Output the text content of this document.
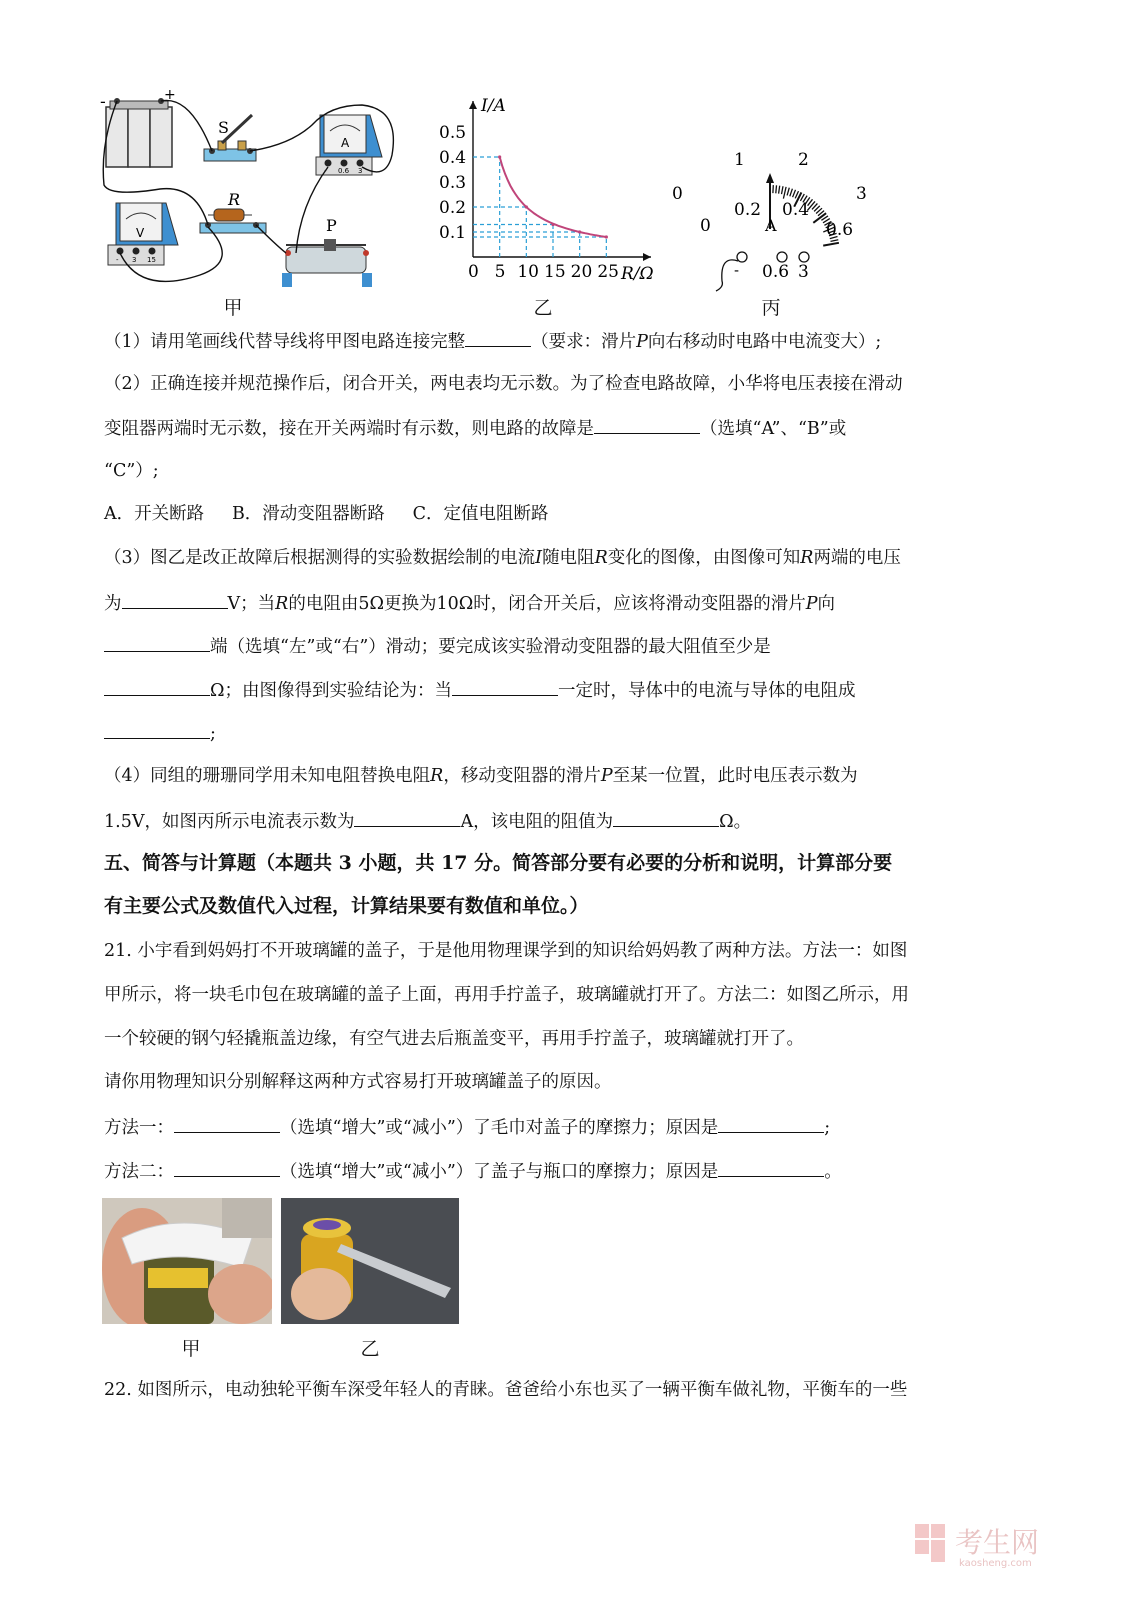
-	+
S
A
- 0.6 3
V
- 3 15
R
P
甲
0 5 10 15 20 25
0.1
0.2
0.3
0.4
0.5
I/A
R/Ω
乙
0
1	2
3
0
0.2 0.4
0.6
A
- 0.6 3
丙
（1）请用笔画线代替导线将甲图电路连接完整	（要求：滑片P向右移动时电路中电流变大）;
（2）正确连接并规范操作后，闭合开关，两电表均无示数。为了检查电路故障，小华将电压表接在滑动
变阻器两端时无示数，接在开关两端时有示数，则电路的故障是	（选填“A”、“B”或
“C”）;
A．开关断路     B．滑动变阻器断路     C．定值电阻断路
（3）图乙是改正故障后根据测得的实验数据绘制的电流I随电阻R变化的图像，由图像可知R两端的电压
为	V；当R的电阻由5Ω更换为10Ω时，闭合开关后，应该将滑动变阻器的滑片P向
端（选填“左”或“右”）滑动；要完成该实验滑动变阻器的最大阻值至少是
Ω；由图像得到实验结论为：当	一定时，导体中的电流与导体的电阻成
;
（4）同组的珊珊同学用未知电阻替换电阻R，移动变阻器的滑片P至某一位置，此时电压表示数为
1.5V，如图丙所示电流表示数为	A，该电阻的阻值为	Ω。
五、简答与计算题（本题共 3 小题，共 17 分。简答部分要有必要的分析和说明，计算部分要
有主要公式及数值代入过程，计算结果要有数值和单位。）
21. 小宇看到妈妈打不开玻璃罐的盖子，于是他用物理课学到的知识给妈妈教了两种方法。方法一：如图
甲所示，将一块毛巾包在玻璃罐的盖子上面，再用手拧盖子，玻璃罐就打开了。方法二：如图乙所示，用
一个较硬的钢勺轻撬瓶盖边缘，有空气进去后瓶盖变平，再用手拧盖子，玻璃罐就打开了。
请你用物理知识分别解释这两种方式容易打开玻璃罐盖子的原因。
方法一：	（选填“增大”或“减小”）了毛巾对盖子的摩擦力；原因是	;
方法二：	（选填“增大”或“减小”）了盖子与瓶口的摩擦力；原因是	。
甲	乙
22. 如图所示，电动独轮平衡车深受年轻人的青睐。爸爸给小东也买了一辆平衡车做礼物，平衡车的一些
考生网
kaosheng.com
